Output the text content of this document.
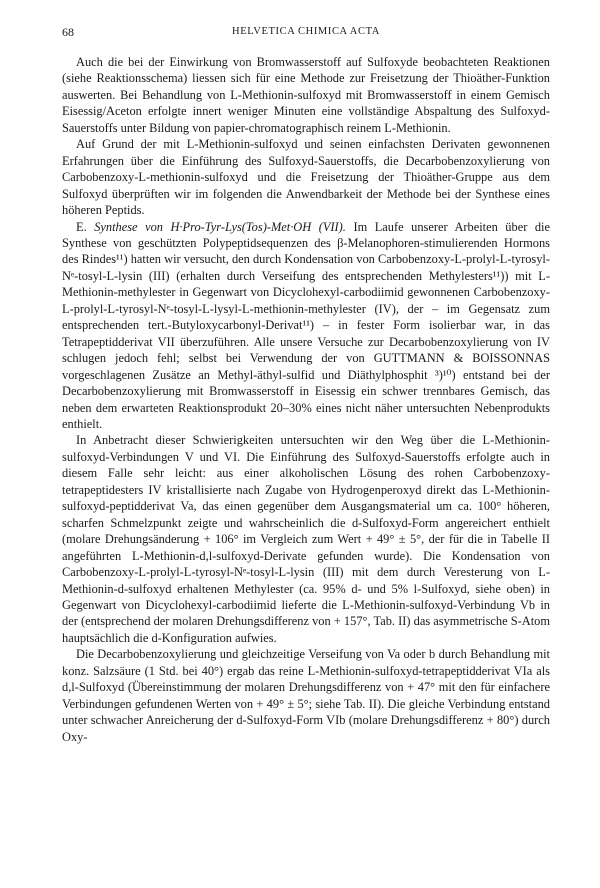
68	HELVETICA CHIMICA ACTA

Auch die bei der Einwirkung von Bromwasserstoff auf Sulfoxyde beobachteten Reaktionen (siehe Reaktionsschema) liessen sich für eine Methode zur Freisetzung der Thioäther-Funktion auswerten. Bei Behandlung von L-Methionin-sulfoxyd mit Bromwasserstoff in einem Gemisch Eisessig/Aceton erfolgte innert weniger Minuten eine vollständige Abspaltung des Sulfoxyd-Sauerstoffs unter Bildung von papier-chromatographisch reinem L-Methionin.

Auf Grund der mit L-Methionin-sulfoxyd und seinen einfachsten Derivaten gewonnenen Erfahrungen über die Einführung des Sulfoxyd-Sauerstoffs, die Decarbobenzoxylierung von Carbobenzoxy-L-methionin-sulfoxyd und die Freisetzung der Thioäther-Gruppe aus dem Sulfoxyd überprüften wir im folgenden die Anwendbarkeit der Methode bei der Synthese eines höheren Peptids.

E. Synthese von H·Pro-Tyr-Lys(Tos)-Met·OH (VII). Im Laufe unserer Arbeiten über die Synthese von geschützten Polypeptidsequenzen des β-Melanophoren-stimulierenden Hormons des Rindes¹¹) hatten wir versucht, den durch Kondensation von Carbobenzoxy-L-prolyl-L-tyrosyl-Nᵉ-tosyl-L-lysin (III) (erhalten durch Verseifung des entsprechenden Methylesters¹¹)) mit L-Methionin-methylester in Gegenwart von Dicyclohexyl-carbodiimid gewonnenen Carbobenzoxy-L-prolyl-L-tyrosyl-Nᵉ-tosyl-L-lysyl-L-methionin-methylester (IV), der – im Gegensatz zum entsprechenden tert.-Butyloxycarbonyl-Derivat¹¹) – in fester Form isolierbar war, in das Tetrapeptidderivat VII überzuführen. Alle unsere Versuche zur Decarbobenzoxylierung von IV schlugen jedoch fehl; selbst bei Verwendung der von GUTTMANN & BOISSONNAS vorgeschlagenen Zusätze an Methyl-äthyl-sulfid und Diäthylphosphit ³)¹⁰) entstand bei der Decarbobenzoxylierung mit Bromwasserstoff in Eisessig ein schwer trennbares Gemisch, das neben dem erwarteten Reaktionsprodukt 20–30% eines nicht näher untersuchten Nebenprodukts enthielt.

In Anbetracht dieser Schwierigkeiten untersuchten wir den Weg über die L-Methionin-sulfoxyd-Verbindungen V und VI. Die Einführung des Sulfoxyd-Sauerstoffs erfolgte auch in diesem Falle sehr leicht: aus einer alkoholischen Lösung des rohen Carbobenzoxy-tetrapeptidesters IV kristallisierte nach Zugabe von Hydrogenperoxyd direkt das L-Methionin-sulfoxyd-peptidderivat Va, das einen gegenüber dem Ausgangsmaterial um ca. 100° höheren, scharfen Schmelzpunkt zeigte und wahrscheinlich die d-Sulfoxyd-Form angereichert enthielt (molare Drehungsänderung + 106° im Vergleich zum Wert + 49° ± 5°, der für die in Tabelle II angeführten L-Methionin-d,l-sulfoxyd-Derivate gefunden wurde). Die Kondensation von Carbobenzoxy-L-prolyl-L-tyrosyl-Nᵉ-tosyl-L-lysin (III) mit dem durch Veresterung von L-Methionin-d-sulfoxyd erhaltenen Methylester (ca. 95% d- und 5% l-Sulfoxyd, siehe oben) in Gegenwart von Dicyclohexyl-carbodiimid lieferte die L-Methionin-sulfoxyd-Verbindung Vb in der (entsprechend der molaren Drehungsdifferenz von + 157°, Tab. II) das asymmetrische S-Atom hauptsächlich die d-Konfiguration aufwies.

Die Decarbobenzoxylierung und gleichzeitige Verseifung von Va oder b durch Behandlung mit konz. Salzsäure (1 Std. bei 40°) ergab das reine L-Methionin-sulfoxyd-tetrapeptidderivat VIa als d,l-Sulfoxyd (Übereinstimmung der molaren Drehungsdifferenz von + 47° mit den für einfachere Verbindungen gefundenen Werten von + 49° ± 5°; siehe Tab. II). Die gleiche Verbindung entstand unter schwacher Anreicherung der d-Sulfoxyd-Form VIb (molare Drehungsdifferenz + 80°) durch Oxy-
